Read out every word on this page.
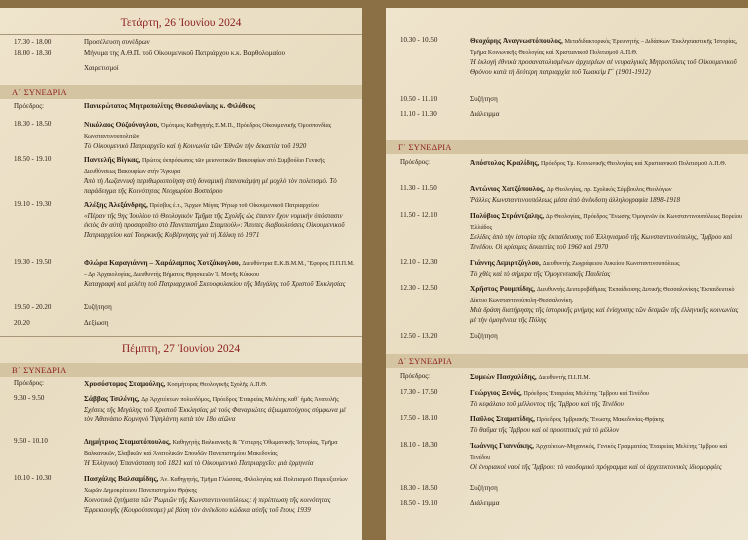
Τετάρτη, 26 Ἰουνίου 2024
17.30 - 18.00	Προσέλευση συνέδρων
18.00 - 18.30	Μήνυμα της Α.Θ.Π. τοῦ Οἰκουμενικοῦ Πατριάρχου κ.κ. Βαρθολομαίου
Χαιρετισμοί
Α΄ ΣΥΝΕΔΡΙΑ
Πρόεδρος:	Πανιερώτατος Μητροπολίτης Θεσσαλονίκης κ. Φιλόθεος
18.30 - 18.50	Νικόλαος Οὐζούνογλου, Ὁμότιμος Καθηγητής Ε.Μ.Π., Πρόεδρος Οἰκουμενικῆς Ὁμοσπονδίας Κωνσταντινουπολιτῶν
Τὸ Οἰκουμενικὸ Πατριαρχεῖο καὶ ἡ Κοινωνία τῶν Ἐθνῶν τὴν δεκαετία τοῦ 1920
18.50 - 19.10	Παντελῆς Βίγκας, Πρώτος ἐκπρόσωπος τῶν μειονοτικῶν Βακουφίων στὸ Συμβούλιο Γενικῆς Διευθύνσεως Βακουφίων στὴν Ἄγκυρα
Ἀπὸ τὴ Λωζαννικὴ περιθωριοποίηση στὴ δυναμικὴ ἐπανακάμψη μὲ μοχλὸ τὸν πολιτισμό. Τὸ παράδειγμα τῆς Κοινότητας Νεοχωρίου Βοσπόρου
19.10 - 19.30	Ἀλέξης Ἀλεξάνδρης, Πρέσβυς ἐ.τ., Ἄρχων Μέγας Ῥήτωρ τοῦ Οἰκουμενικοῦ Πατριαρχείου
«Πέραν τῆς 9ης Ἰουλίου τὸ Θεολογικὸν Τμῆμα τῆς Σχολῆς ὡς ἐπανεν ἔχον νομικὴν ὑπόστασιν ἐκτὸς ἂν αὐτὴ προσαρτᾶτο στὸ Πανεπιστήμιο Σταμπούλ»: Ἄτυπες διαβουλεύσεις Οἰκουμενικοῦ Πατριαρχείου καὶ Τουρκικῆς Κυβέρνησης γιὰ τὴ Χάλκη τὸ 1971
19.30 - 19.50	Φλώρα Καραγιάννη – Χαράλαμπος Χοτζάκογλου, Διευθύντρια Ε.Κ.Β.Μ.Μ., Ἔφορος Π.Π.Π.Μ. – Δρ Ἀρχαιολογίας, Διευθυντὴς Βήματος Θρησκειῶν Ἱ. Μονῆς Κύκκου
Καταγραφὴ καὶ μελέτη τοῦ Πατριαρχικοῦ Σκευοφυλακίου τῆς Μεγάλης τοῦ Χριστοῦ Ἐκκλησίας
19.50 - 20.20	Συζήτηση
20.20	Δεξίωση
Πέμπτη, 27 Ἰουνίου 2024
Β΄ ΣΥΝΕΔΡΙΑ
Πρόεδρος:	Χρυσόστομος Σταμούλης, Κοσμήτορας Θεολογικῆς Σχολῆς Α.Π.Θ.
9.30 - 9.50	Σάββας Τσιλένης, Δρ Ἀρχιτέκτων πολεοδόμος, Πρόεδρος Ἑταιρείας Μελέτης καθ᾽ ἡμᾶς Ἀνατολῆς
Σχέσεις τῆς Μεγάλης τοῦ Χριστοῦ Ἐκκλησίας μὲ τοὺς Φαναριώτες ἀξιωματούχους σύμφωνα μὲ τὸν Ἀθανάσιο Κομνηνὸ Ὑψηλάντη κατὰ τὸν 18ο αἰῶνα
9.50 - 10.10	Δημήτριος Σταματόπουλος, Καθηγητὴς Βαλκανικῆς & Ὕστερης Ὀθωμανικῆς Ἱστορίας, Τμῆμα Βαλκανικῶν, Σλαβικῶν καὶ Ἀνατολικῶν Σπουδῶν Πανεπιστημίου Μακεδονίας
Ἡ Ἑλληνικὴ Ἐπανάσταση τοῦ 1821 καὶ τὸ Οἰκουμενικὸ Πατριαρχεῖο: μιὰ ἑρμηνεία
10.10 - 10.30	Πασχάλης Βαλσαμίδης, Ἀν. Καθηγητής, Τμῆμα Γλώσσας, Φιλολογίας καὶ Πολιτισμοῦ Παρευξεινίων Χωρῶν Δημοκρίτειου Πανεπιστημίου Θρᾴκης
Κοινοτικὰ ζητήματα τῶν Ῥωμιῶν τῆς Κωνσταντινουπόλεως: ἡ περίπτωση τῆς κοινότητας Ἐρρεκιουγῆς (Κουρούτσεσμε) μὲ βάση τὸν ἀνέκδοτο κώδικα αὐτῆς τοῦ ἔτους 1939
10.30 - 10.50	Θεοχάρης Ἀναγνωστόπουλος, Μεταδιδακτορικὸς Ἐρευνητὴς – Διδάσκων Ἐκκλησιαστικῆς Ἱστορίας, Τμῆμα Κοινωνικῆς Θεολογίας καὶ Χριστιανικοῦ Πολιτισμοῦ Α.Π.Θ.
Ἡ ἐκλογὴ ἐθνικὰ προσανατολισμένων ἀρχιερέων σὲ νευραλγικὲς Μητροπόλεις τοῦ Οἰκουμενικοῦ Θρόνου κατὰ τὴ δεύτερη πατριαρχία τοῦ Ἰωακεὶμ Γ΄ (1901-1912)
10.50 - 11.10	Συζήτηση
11.10 - 11.30	Διάλειμμα
Γ΄ ΣΥΝΕΔΡΙΑ
Πρόεδρος:	Ἀπόστολος Κραλίδης, Πρόεδρος Τμ. Κοινωνικῆς Θεολογίας καὶ Χριστιανικοῦ Πολιτισμοῦ Α.Π.Θ.
11.30 - 11.50	Ἀντώνιος Χατζόπουλος, Δρ Θεολογίας, πρ. Σχολικὸς Σύμβουλος Θεολόγων
Ῥάλλες Κωνσταντινουπόλεως μέσα ἀπὸ ἀνέκδοτη ἀλληλογραφία 1898-1918
11.50 - 12.10	Πολύβιος Στράντζαλης, Δρ Θεολογίας, Πρόεδρος Ἕνωσης Ὁμογενῶν ἐκ Κωνσταντινουπόλεως Βορείου Ἑλλάδος
Σελίδες ἀπὸ τὴν ἱστορία τῆς ἐκπαίδευσης τοῦ Ἑλληνισμοῦ τῆς Κωνσταντινούπολης, Ἴμβρου καὶ Τενέδου. Οἱ κρίσιμες δεκαετίες τοῦ 1960 καὶ 1970
12.10 - 12.30	Γιάννης Δεμιρτζόγλου, Διευθυντὴς Ζωγράφειου Λυκείου Κωνσταντινουπόλεως
Τὸ χθὲς καὶ τὸ σήμερα τῆς Ὁμογενειακῆς Παιδείας
12.30 - 12.50	Χρῆστος Ρουμπίδης, Διευθυντὴς Δευτεροβάθμιας Ἐκπαίδευσης Δυτικῆς Θεσσαλονίκης Ἐκπαιδευτικὸ Δίκτυο Κωνσταντινούπολη-Θεσσαλονίκη.
Μιὰ δράση διατήρησης τῆς ἱστορικῆς μνήμης καὶ ἐνίσχυσης τῶν δεσμῶν τῆς ἑλληνικῆς κοινωνίας μὲ τὴν ὁμογένεια τῆς Πόλης
12.50 - 13.20	Συζήτηση
Δ΄ ΣΥΝΕΔΡΙΑ
Πρόεδρος:	Συμεὼν Πασχαλίδης, Διευθυντὴς Π.Ι.Π.Μ.
17.30 - 17.50	Γεώργιος Ξενός, Πρόεδρος Ἑταιρείας Μελέτης Ἴμβρου καὶ Τενέδου
Τὸ κεφάλαιο τοῦ μέλλοντος τῆς Ἴμβρου καὶ τῆς Τενέδου
17.50 - 18.10	Παῦλος Σταματίδης, Πρόεδρος Ἰμβριακῆς Ἕνωσης Μακεδονίας-Θρᾴκης
Τὸ θαῦμα τῆς Ἴμβρου καὶ οἱ προοπτικὲς γιὰ τὸ μέλλον
18.10 - 18.30	Ἰωάννης Γιαννάκης, Ἀρχιτέκτων-Μηχανικός, Γενικὸς Γραμματέας Ἑταιρείας Μελέτης Ἴμβρου καὶ Τενέδου
Οἱ ἐνοριακοὶ ναοὶ τῆς Ἴμβρου: τὸ ναοδομικὸ πρόγραμμα καὶ οἱ ἀρχιτεκτονικὲς ἰδιομορφίες
18.30 - 18.50	Συζήτηση
18.50 - 19.10	Διάλειμμα
